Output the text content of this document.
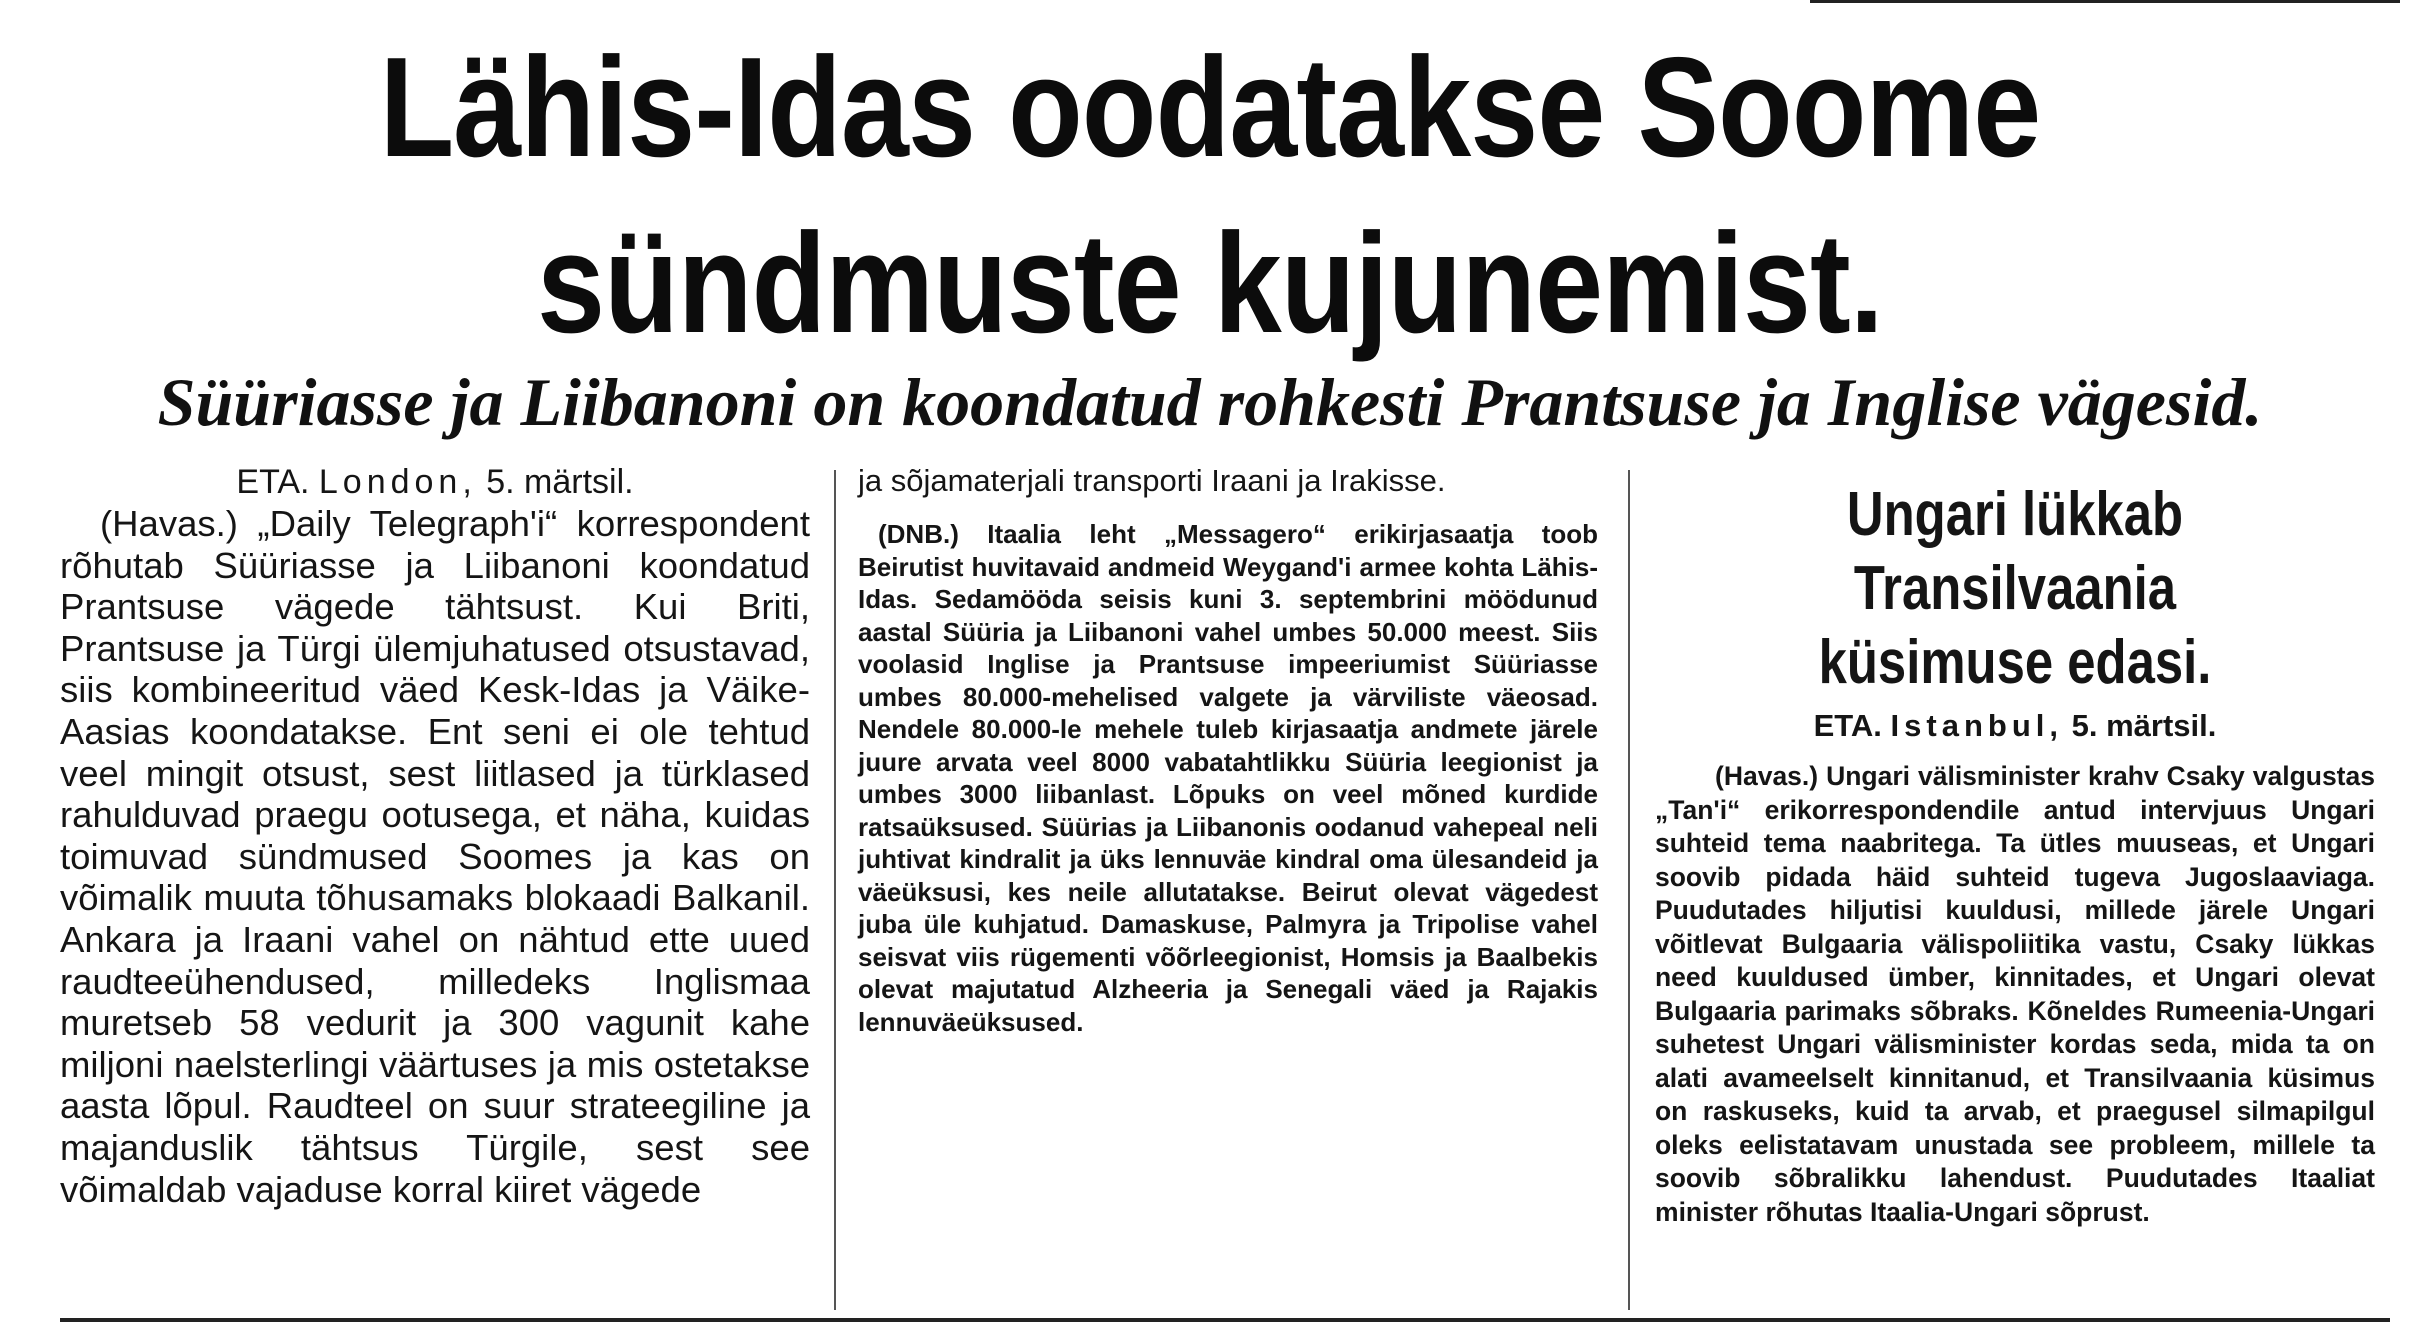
Lähis-Idas oodatakse Soome
sündmuste kujunemist.
Süüriasse ja Liibanoni on koondatud rohkesti Prantsuse ja Inglise vägesid.
ETA. London, 5. märtsil.

(Havas.) „Daily Telegraph'i“ korrespondent rõhutab Süüriasse ja Liibanoni koondatud Prantsuse vägede tähtsust. Kui Briti, Prantsuse ja Türgi ülemjuhatused otsustavad, siis kombineeritud väed Kesk-Idas ja Väike-Aasias koondatakse. Ent seni ei ole tehtud veel mingit otsust, sest liitlased ja türklased rahulduvad praegu ootusega, et näha, kuidas toimuvad sündmused Soomes ja kas on võimalik muuta tõhusamaks blokaadi Balkanil. Ankara ja Iraani vahel on nähtud ette uued raudteeühendused, milledeks Inglismaa muretseb 58 vedurit ja 300 vagunit kahe miljoni naelsterlingi väärtuses ja mis ostetakse aasta lõpul. Raudteel on suur strateegiline ja majanduslik tähtsus Türgile, sest see võimaldab vajaduse korral kiiret vägede

ja sõjamaterjali transporti Iraani ja Irakisse.

(DNB.) Itaalia leht „Messagero“ erikirjasaatja toob Beirutist huvitavaid andmeid Weygand'i armee kohta Lähis-Idas. Sedamööda seisis kuni 3. septembrini möödunud aastal Süüria ja Liibanoni vahel umbes 50.000 meest. Siis voolasid Inglise ja Prantsuse impeeriumist Süüriasse umbes 80.000-mehelised valgete ja värviliste väeosad. Nendele 80.000-le mehele tuleb kirjasaatja andmete järele juure arvata veel 8000 vabatahtlikku Süüria leegionist ja umbes 3000 liibanlast. Lõpuks on veel mõned kurdide ratsaüksused. Süürias ja Liibanonis oodanud vahepeal neli juhtivat kindralit ja üks lennuväe kindral oma ülesandeid ja väeüksusi, kes neile allutatakse. Beirut olevat vägedest juba üle kuhjatud. Damaskuse, Palmyra ja Tripolise vahel seisvat viis rügementi võõrleegionist, Homsis ja Baalbekis olevat majutatud Alzheeria ja Senegali väed ja Rajakis lennuväeüksused.

Ungari lükkab Transilvaania
küsimuse edasi.
ETA. Istanbul, 5. märtsil.

(Havas.) Ungari välisminister krahv Csaky valgustas „Tan'i“ erikorrespondendile antud intervjuus Ungari suhteid tema naabritega. Ta ütles muuseas, et Ungari soovib pidada häid suhteid tugeva Jugoslaaviaga. Puudutades hiljutisi kuuldusi, millede järele Ungari võitlevat Bulgaaria välispoliitika vastu, Csaky lükkas need kuuldused ümber, kinnitades, et Ungari olevat Bulgaaria parimaks sõbraks. Kõneldes Rumeenia-Ungari suhetest Ungari välisminister kordas seda, mida ta on alati avameelselt kinnitanud, et Transilvaania küsimus on raskuseks, kuid ta arvab, et praegusel silmapilgul oleks eelistatavam unustada see probleem, millele ta soovib sõbralikku lahendust. Puudutades Itaaliat minister rõhutas Itaalia-Ungari sõprust.
